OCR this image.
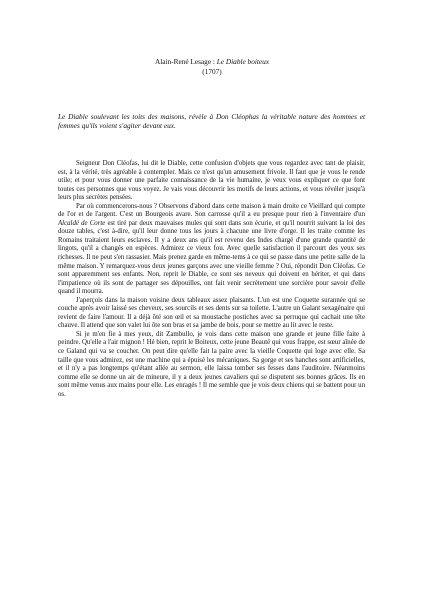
Alain-René Lesage : Le Diable boiteux
(1707)
Le Diable soulevant les toits des maisons, révèle à Don Cléophas la véritable nature des hommes et femmes qu'ils voient s'agiter devant eux.

Seigneur Don Cléofas, lui dit le Diable, cette confusion d'objets que vous regardez avec tant de plaisir, est, à la vérité, très agréable à contempler. Mais ce n'est qu'un amusement frivole. Il faut que je vous le rende utile; et pour vous donner une parfaite connaissance de la vie humaine, je veux vous expliquer ce que font toutes ces personnes que vous voyez. Je vais vous découvrir les motifs de leurs actions, et vous révéler jusqu'à leurs plus secrètes pensées.

Par où commencerons-nous ? Observons d'abord dans cette maison à main droite ce Vieillard qui compte de l'or et de l'argent. C'est un Bourgeois avare. Son carrosse qu'il a eu presque pour rien à l'inventaire d'un Alcaldé de Corte est tiré par deux mauvaises mules qui sont dans son écurie, et qu'il nourrit suivant la loi des douze tables, c'est à-dire, qu'il leur donne tous les jours à chacune une livre d'orge. Il les traite comme les Romains traitaient leurs esclaves. Il y a deux ans qu'il est revenu des Indes chargé d'une grande quantité de lingots, qu'il a changés en espèces. Admirez ce vieux fou. Avec quelle satisfaction il parcourt des yeux ses richesses. Il ne peut s'en rassasier. Mais prenez garde en même-tems à ce qui se passe dans une petite salle de la même maison. Y remarquez-vous deux jeunes garçons avec une vieille femme ? Oui, répondit Don Cléofas. Ce sont apparemment ses enfants. Non, reprit le Diable, ce sont ses neveux qui doivent en hériter, et qui dans l'impatience où ils sont de partager ses dépouilles, ont fait venir secrètement une sorcière pour savoir d'elle quand il mourra.

J'aperçois dans la maison voisine deux tableaux assez plaisants. L'un est une Coquette surannée qui se couche après avoir laissé ses cheveux, ses sourcils et ses dents sur sa toilette. L'autre un Galant sexagénaire qui revient de faire l'amour. Il a déjà ôté son œil et sa moustache postiches avec sa perruque qui cachait une tête chauve. Il attend que son valet lui ôte son bras et sa jambe de bois, pour se mettre au lit avec le reste.

Si je m'en fie à mes yeux, dit Zambullo, je vois dans cette maison une grande et jeune fille faite à peindre. Qu'elle a l'air mignon ! Hé bien, reprit le Boiteux, cette jeune Beauté qui vous frappe, est sœur aînée de ce Galand qui va se coucher. On peut dire qu'elle fait la paire avec la vieille Coquette qui loge avec elle. Sa taille que vous admirez, est une machine qui a épuisé les mécaniques. Sa gorge et ses hanches sont artificielles, et il n'y a pas longtemps qu'étant allée au sermon, elle laissa tomber ses fesses dans l'auditoire. Néanmoins comme elle se donne un air de mineure, il y a deux jeunes cavaliers qui se disputent ses bonnes grâces. Ils en sont même venus aux mains pour elle. Les enragés ! Il me semble que je vois deux chiens qui se battent pour un os.
